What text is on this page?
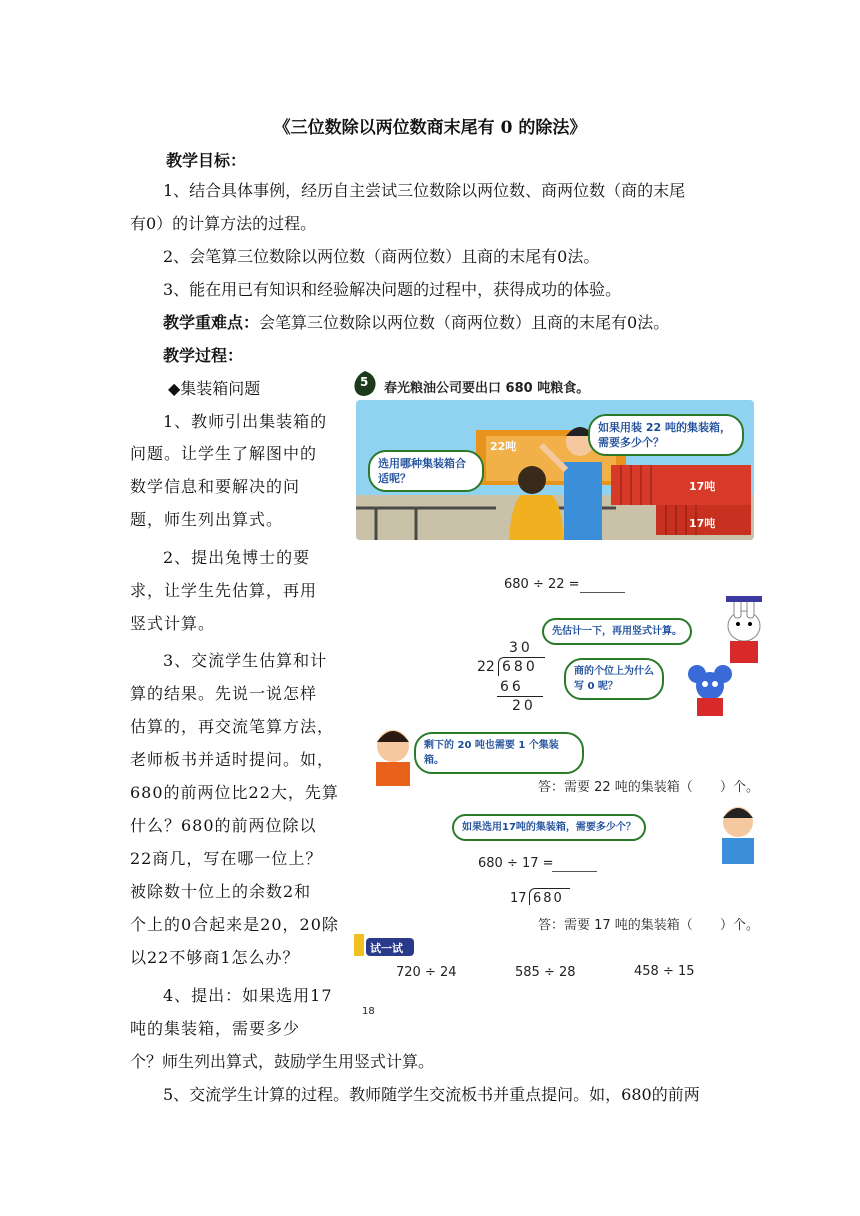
《三位数除以两位数商末尾有 0 的除法》
教学目标：
1、结合具体事例，经历自主尝试三位数除以两位数、商两位数（商的末尾
有0）的计算方法的过程。
2、会笔算三位数除以两位数（商两位数）且商的末尾有0法。
3、能在用已有知识和经验解决问题的过程中，获得成功的体验。
教学重难点：会笔算三位数除以两位数（商两位数）且商的末尾有0法。
教学过程：
◆集装箱问题
1、教师引出集装箱的
问题。让学生了解图中的
数学信息和要解决的问
题，师生列出算式。
2、提出兔博士的要
求，让学生先估算，再用
竖式计算。
3、交流学生估算和计
算的结果。先说一说怎样
估算的，再交流笔算方法，
老师板书并适时提问。如，
680的前两位比22大，先算
什么？680的前两位除以
22商几，写在哪一位上？
被除数十位上的余数2和
个上的0合起来是20，20除
以22不够商1怎么办？
4、提出：如果选用17
吨的集装箱，需要多少
个？师生列出算式，鼓励学生用竖式计算。
5、交流学生计算的过程。教师随学生交流板书并重点提问。如，680的前两
5 春光粮油公司要出口 680 吨粮食。
22吨
17吨
17吨
如果用装 22 吨的集装箱，需要多少个？
选用哪种集装箱合适呢？
680 ÷ 22 =
先估计一下，再用竖式计算。
30
22 680
66
20
商的个位上为什么写 0 呢？
剩下的 20 吨也需要 1 个集装箱。
答：需要 22 吨的集装箱（ ）个。
如果选用17吨的集装箱，需要多少个？
680 ÷ 17 =
17 680
答：需要 17 吨的集装箱（ ）个。
试一试
720 ÷ 24	585 ÷ 28	458 ÷ 15
18
